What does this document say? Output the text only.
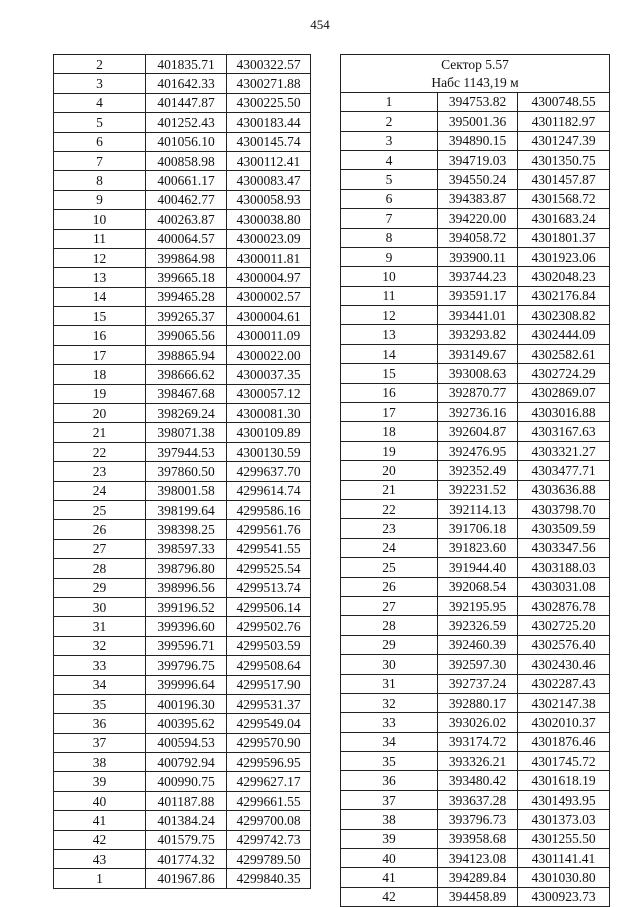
454
2	401835.71	4300322.57
3	401642.33	4300271.88
4	401447.87	4300225.50
5	401252.43	4300183.44
6	401056.10	4300145.74
7	400858.98	4300112.41
8	400661.17	4300083.47
9	400462.77	4300058.93
10	400263.87	4300038.80
11	400064.57	4300023.09
12	399864.98	4300011.81
13	399665.18	4300004.97
14	399465.28	4300002.57
15	399265.37	4300004.61
16	399065.56	4300011.09
17	398865.94	4300022.00
18	398666.62	4300037.35
19	398467.68	4300057.12
20	398269.24	4300081.30
21	398071.38	4300109.89
22	397944.53	4300130.59
23	397860.50	4299637.70
24	398001.58	4299614.74
25	398199.64	4299586.16
26	398398.25	4299561.76
27	398597.33	4299541.55
28	398796.80	4299525.54
29	398996.56	4299513.74
30	399196.52	4299506.14
31	399396.60	4299502.76
32	399596.71	4299503.59
33	399796.75	4299508.64
34	399996.64	4299517.90
35	400196.30	4299531.37
36	400395.62	4299549.04
37	400594.53	4299570.90
38	400792.94	4299596.95
39	400990.75	4299627.17
40	401187.88	4299661.55
41	401384.24	4299700.08
42	401579.75	4299742.73
43	401774.32	4299789.50
1	401967.86	4299840.35
Сектор 5.57		
Набс 1143,19 м		
1	394753.82	4300748.55
2	395001.36	4301182.97
3	394890.15	4301247.39
4	394719.03	4301350.75
5	394550.24	4301457.87
6	394383.87	4301568.72
7	394220.00	4301683.24
8	394058.72	4301801.37
9	393900.11	4301923.06
10	393744.23	4302048.23
11	393591.17	4302176.84
12	393441.01	4302308.82
13	393293.82	4302444.09
14	393149.67	4302582.61
15	393008.63	4302724.29
16	392870.77	4302869.07
17	392736.16	4303016.88
18	392604.87	4303167.63
19	392476.95	4303321.27
20	392352.49	4303477.71
21	392231.52	4303636.88
22	392114.13	4303798.70
23	391706.18	4303509.59
24	391823.60	4303347.56
25	391944.40	4303188.03
26	392068.54	4303031.08
27	392195.95	4302876.78
28	392326.59	4302725.20
29	392460.39	4302576.40
30	392597.30	4302430.46
31	392737.24	4302287.43
32	392880.17	4302147.38
33	393026.02	4302010.37
34	393174.72	4301876.46
35	393326.21	4301745.72
36	393480.42	4301618.19
37	393637.28	4301493.95
38	393796.73	4301373.03
39	393958.68	4301255.50
40	394123.08	4301141.41
41	394289.84	4301030.80
42	394458.89	4300923.73
